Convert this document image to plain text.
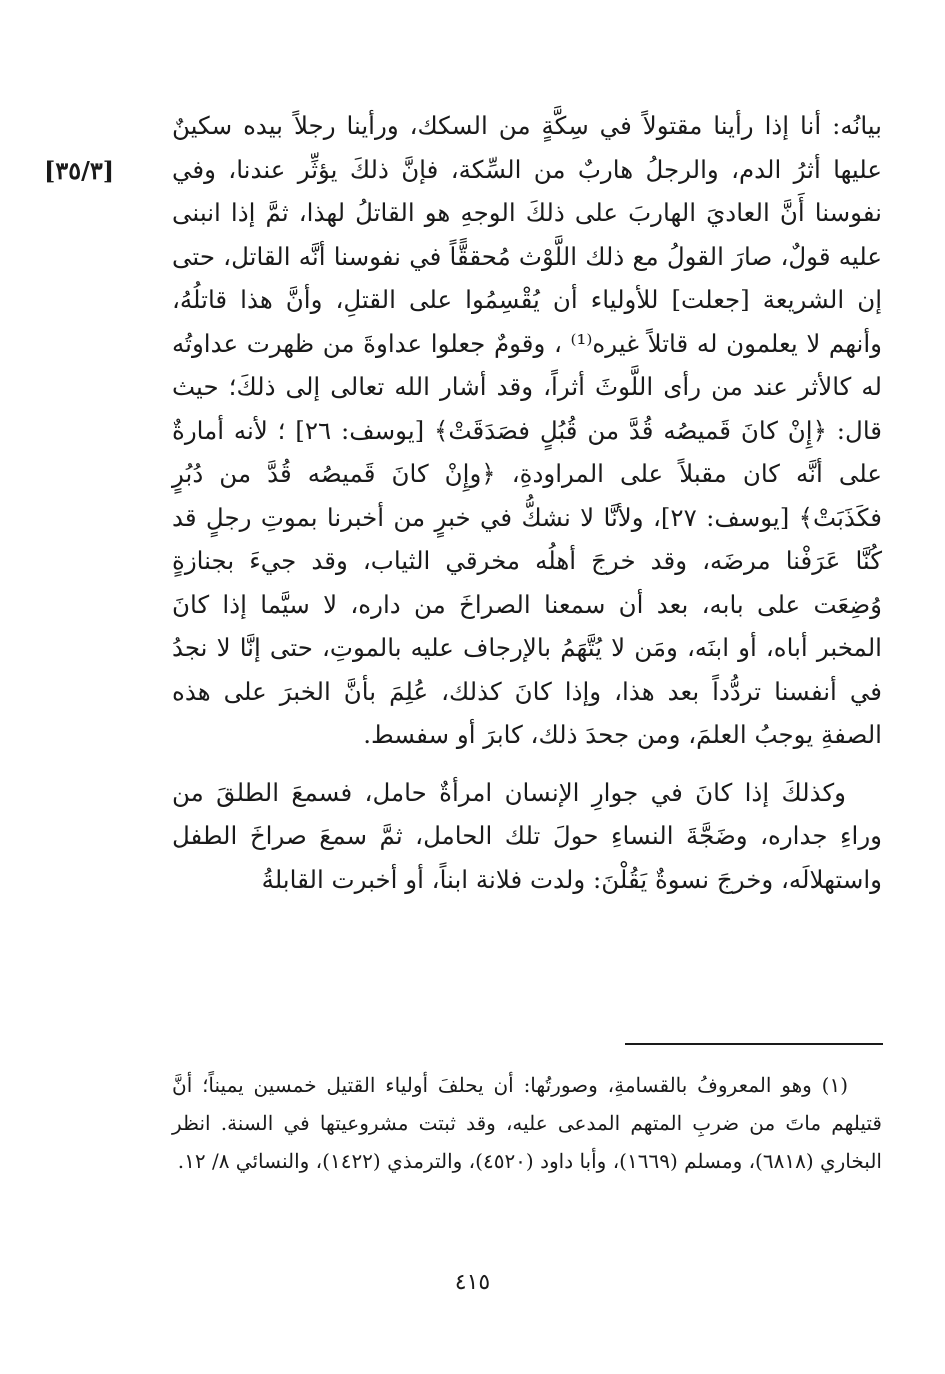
[٣٥/٣]

بيانُه: أنا إذا رأينا مقتولاً في سِكَّةٍ من السكك، ورأينا رجلاً بيده سكينٌ عليها أثرُ الدم، والرجلُ هاربٌ من السِّكة، فإنَّ ذلكَ يؤثِّر عندنا، وفي نفوسنا أَنَّ العاديَ الهاربَ على ذلكَ الوجهِ هو القاتلُ لهذا، ثمَّ إذا انبنى عليه قولٌ، صارَ القولُ مع ذلك اللَّوْث مُحققًّاً في نفوسنا أنَّه القاتل، حتى إن الشريعة [جعلت] للأولياء أن يُقْسِمُوا على القتلِ، وأنَّ هذا قاتلُهُ، وأنهم لا يعلمون له قاتلاً غيره⁽¹⁾ ، وقومٌ جعلوا عداوةَ من ظهرت عداوتُه له كالأثر عند من رأى اللَّوثَ أثراً، وقد أشار الله تعالى إلى ذلكَ؛ حيث قال: ﴿إِنْ كانَ قَميصُه قُدَّ من قُبُلٍ فصَدَقَتْ﴾ [يوسف: ٢٦] ؛ لأنه أمارةٌ على أنَّه كان مقبلاً على المراودةِ، ﴿وإِنْ كانَ قَميصُه قُدَّ من دُبُرٍ فكَذَبَتْ﴾ [يوسف: ٢٧]، ولأنَّا لا نشكُّ في خبرٍ من أخبرنا بموتِ رجلٍ قد كُنَّا عَرَفْنا مرضَه، وقد خرجَ أهلُه مخرقي الثياب، وقد جيءَ بجنازةٍ وُضِعَت على بابه، بعد أن سمعنا الصراخَ من داره، لا سيَّما إذا كانَ المخبر أباه، أو ابنَه، ومَن لا يُتَّهَمُ بالإرجاف عليه بالموتِ، حتى إنَّا لا نجدُ في أنفسنا تردُّداً بعد هذا، وإذا كانَ كذلك، عُلِمَ بأنَّ الخبرَ على هذه الصفةِ يوجبُ العلمَ، ومن جحدَ ذلك، كابرَ أو سفسط.

وكذلكَ إذا كانَ في جوارِ الإنسان امرأةٌ حامل، فسمعَ الطلقَ من وراءِ جداره، وضَجَّةَ النساءِ حولَ تلك الحامل، ثمَّ سمعَ صراخَ الطفل واستهلالَه، وخرجَ نسوةٌ يَقُلْنَ: ولدت فلانة ابناً، أو أخبرت القابلةُ

(١) وهو المعروفُ بالقسامةِ، وصورتُها: أن يحلفَ أولياء القتيل خمسين يميناً؛ أنَّ قتيلهم ماتَ من ضربِ المتهم المدعى عليه، وقد ثبتت مشروعيتها في السنة. انظر البخاري (٦٨١٨)، ومسلم (١٦٦٩)، وأبا داود (٤٥٢٠)، والترمذي (١٤٢٢)، والنسائي ٨/ ١٢.

٤١٥
